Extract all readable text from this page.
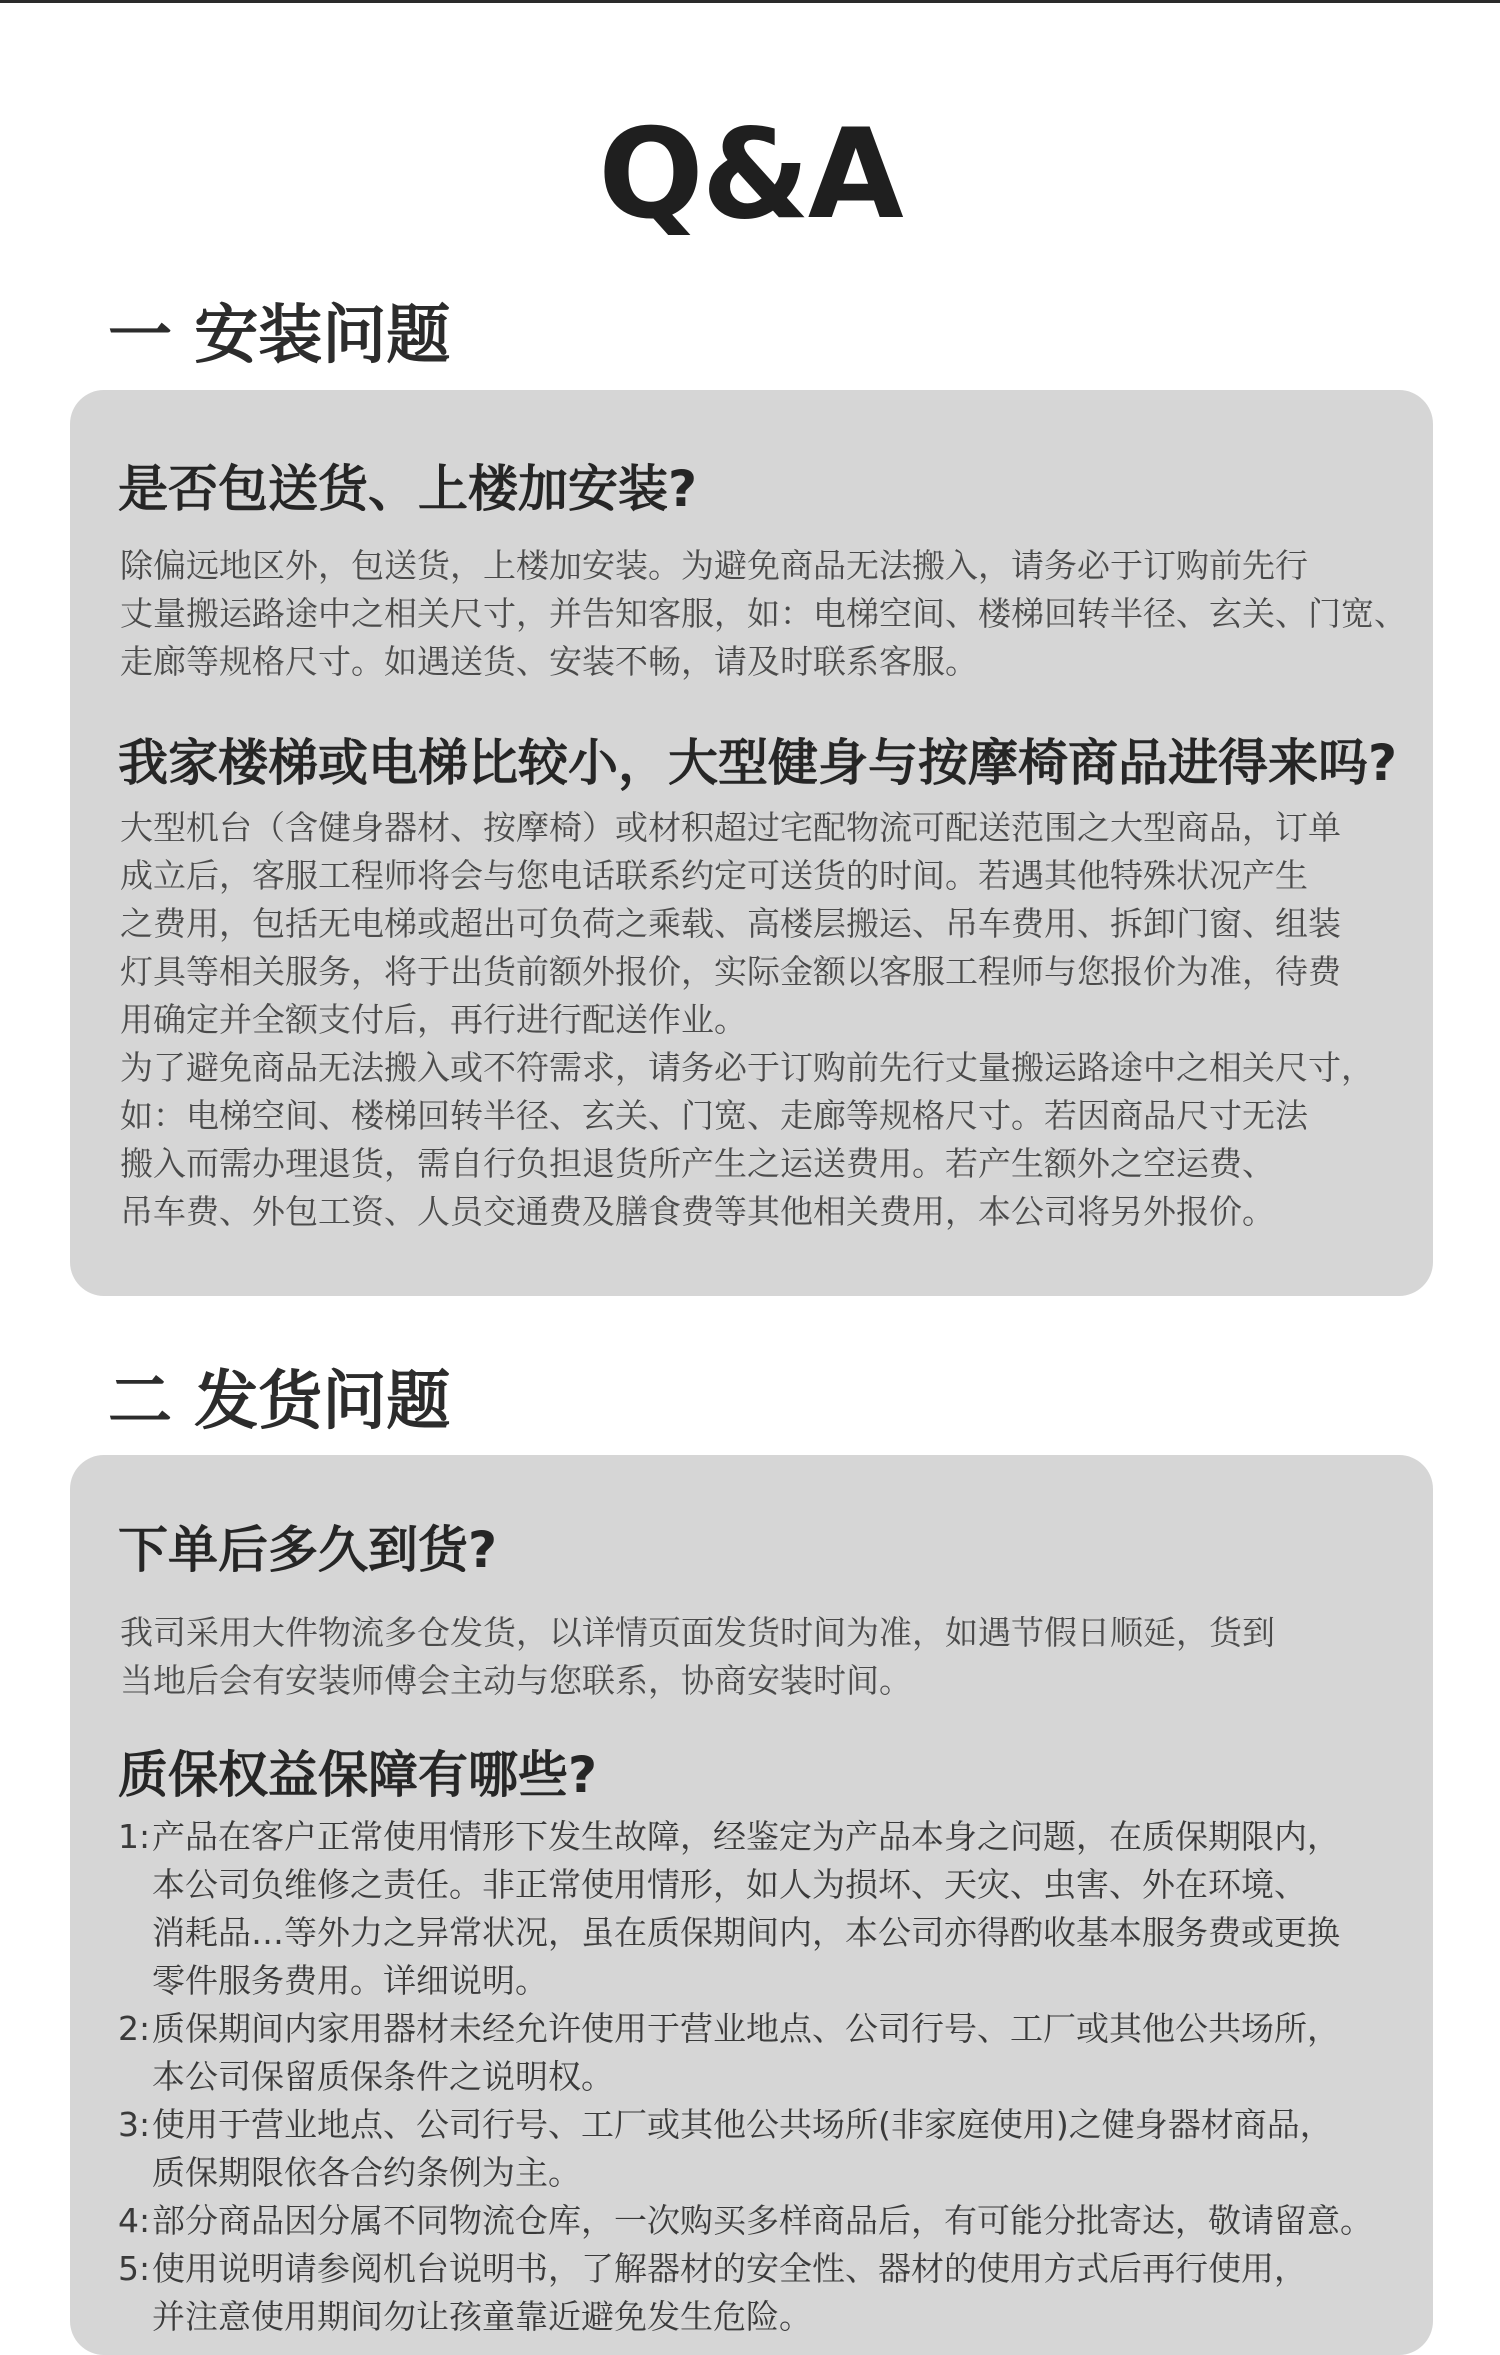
Q&A
一 安装问题
是否包送货、上楼加安装?
除偏远地区外，包送货，上楼加安装。为避免商品无法搬入，请务必于订购前先行
丈量搬运路途中之相关尺寸，并告知客服，如：电梯空间、楼梯回转半径、玄关、门宽、
走廊等规格尺寸。如遇送货、安装不畅，请及时联系客服。
我家楼梯或电梯比较小，大型健身与按摩椅商品进得来吗?
大型机台（含健身器材、按摩椅）或材积超过宅配物流可配送范围之大型商品，订单
成立后，客服工程师将会与您电话联系约定可送货的时间。若遇其他特殊状况产生
之费用，包括无电梯或超出可负荷之乘载、高楼层搬运、吊车费用、拆卸门窗、组装
灯具等相关服务，将于出货前额外报价，实际金额以客服工程师与您报价为准，待费
用确定并全额支付后，再行进行配送作业。
为了避免商品无法搬入或不符需求，请务必于订购前先行丈量搬运路途中之相关尺寸，
如：电梯空间、楼梯回转半径、玄关、门宽、走廊等规格尺寸。若因商品尺寸无法
搬入而需办理退货，需自行负担退货所产生之运送费用。若产生额外之空运费、
吊车费、外包工资、人员交通费及膳食费等其他相关费用，本公司将另外报价。
二 发货问题
下单后多久到货?
我司采用大件物流多仓发货，以详情页面发货时间为准，如遇节假日顺延，货到
当地后会有安装师傅会主动与您联系，协商安装时间。
质保权益保障有哪些?
1: 产品在客户正常使用情形下发生故障，经鉴定为产品本身之问题，在质保期限内，
本公司负维修之责任。非正常使用情形，如人为损坏、天灾、虫害、外在环境、
消耗品…等外力之异常状况，虽在质保期间内，本公司亦得酌收基本服务费或更换
零件服务费用。详细说明。
2: 质保期间内家用器材未经允许使用于营业地点、公司行号、工厂或其他公共场所，
本公司保留质保条件之说明权。
3: 使用于营业地点、公司行号、工厂或其他公共场所(非家庭使用)之健身器材商品，
质保期限依各合约条例为主。
4: 部分商品因分属不同物流仓库，一次购买多样商品后，有可能分批寄达，敬请留意。
5: 使用说明请参阅机台说明书，了解器材的安全性、器材的使用方式后再行使用，
并注意使用期间勿让孩童靠近避免发生危险。
